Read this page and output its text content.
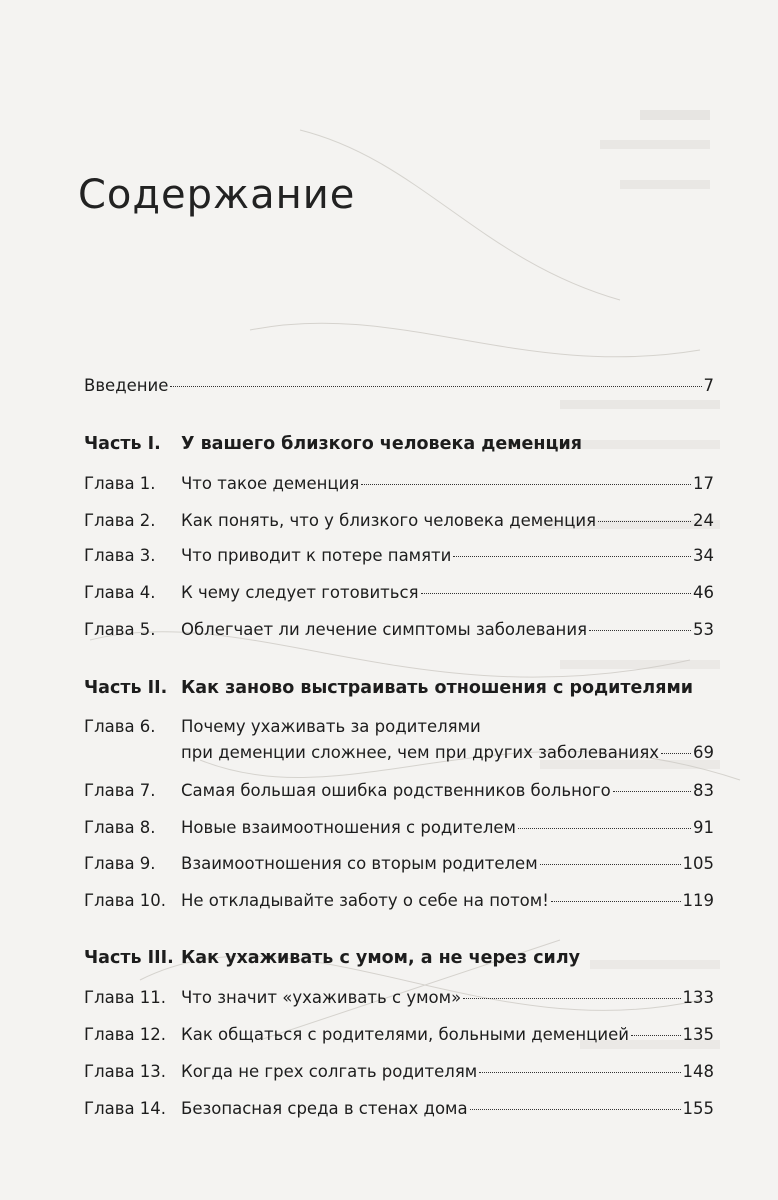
Содержание
Введение	7
Часть I. У вашего близкого человека деменция
Глава 1. Что такое деменция	17
Глава 2. Как понять, что у близкого человека деменция	24
Глава 3. Что приводит к потере памяти	34
Глава 4. К чему следует готовиться	46
Глава 5. Облегчает ли лечение симптомы заболевания	53
Часть II. Как заново выстраивать отношения с родителями
Глава 6. Почему ухаживать за родителями
при деменции сложнее, чем при других заболеваниях 69
Глава 7. Самая большая ошибка родственников больного	83
Глава 8. Новые взаимоотношения с родителем	91
Глава 9. Взаимоотношения со вторым родителем	105
Глава 10. Не откладывайте заботу о себе на потом!	119
Часть III. Как ухаживать с умом, а не через силу
Глава 11. Что значит «ухаживать с умом»	133
Глава 12. Как общаться с родителями, больными деменцией	135
Глава 13. Когда не грех солгать родителям	148
Глава 14. Безопасная среда в стенах дома	155
